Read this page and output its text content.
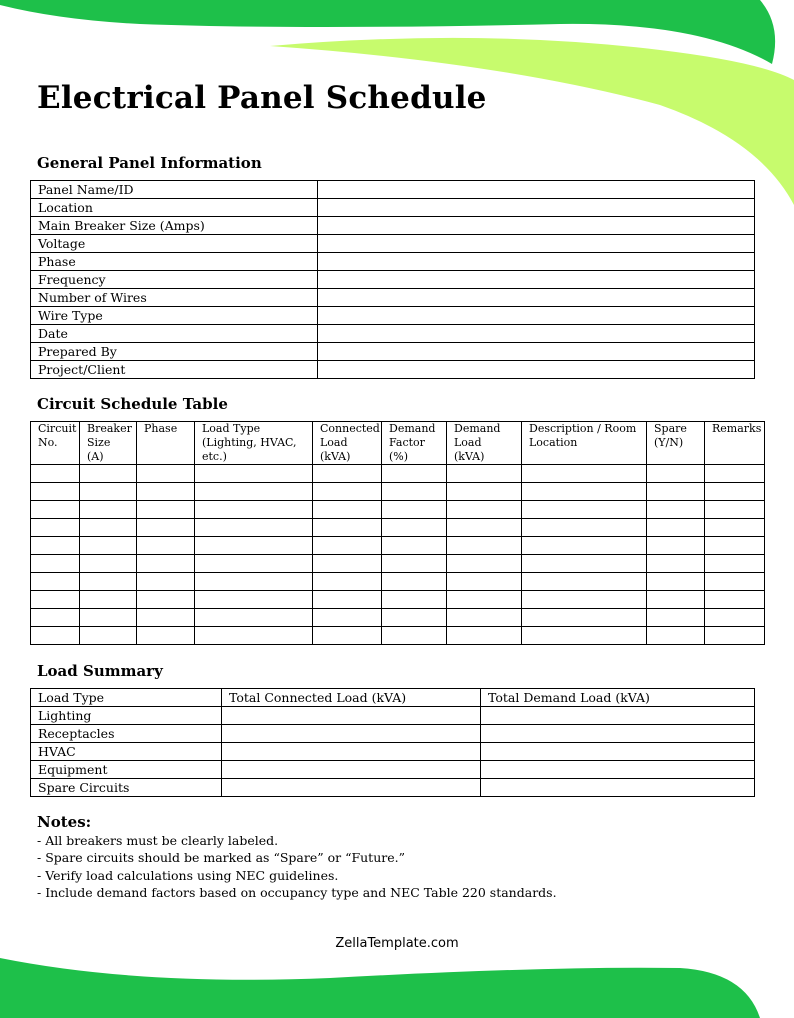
Electrical Panel Schedule
General Panel Information
Panel Name/ID	
Location	
Main Breaker Size (Amps)	
Voltage	
Phase	
Frequency	
Number of Wires	
Wire Type	
Date	
Prepared By	
Project/Client	
Circuit Schedule Table
Circuit No.	Breaker Size (A)	Phase	Load Type (Lighting, HVAC, etc.)	Connected Load (kVA)	Demand Factor (%)	Demand Load (kVA)	Description / Room Location	Spare (Y/N)	Remarks

Load Summary
Load Type	Total Connected Load (kVA)	Total Demand Load (kVA)
Lighting		
Receptacles		
HVAC		
Equipment		
Spare Circuits		
Notes:
- All breakers must be clearly labeled.
- Spare circuits should be marked as “Spare” or “Future.”
- Verify load calculations using NEC guidelines.
- Include demand factors based on occupancy type and NEC Table 220 standards.
ZellaTemplate.com
